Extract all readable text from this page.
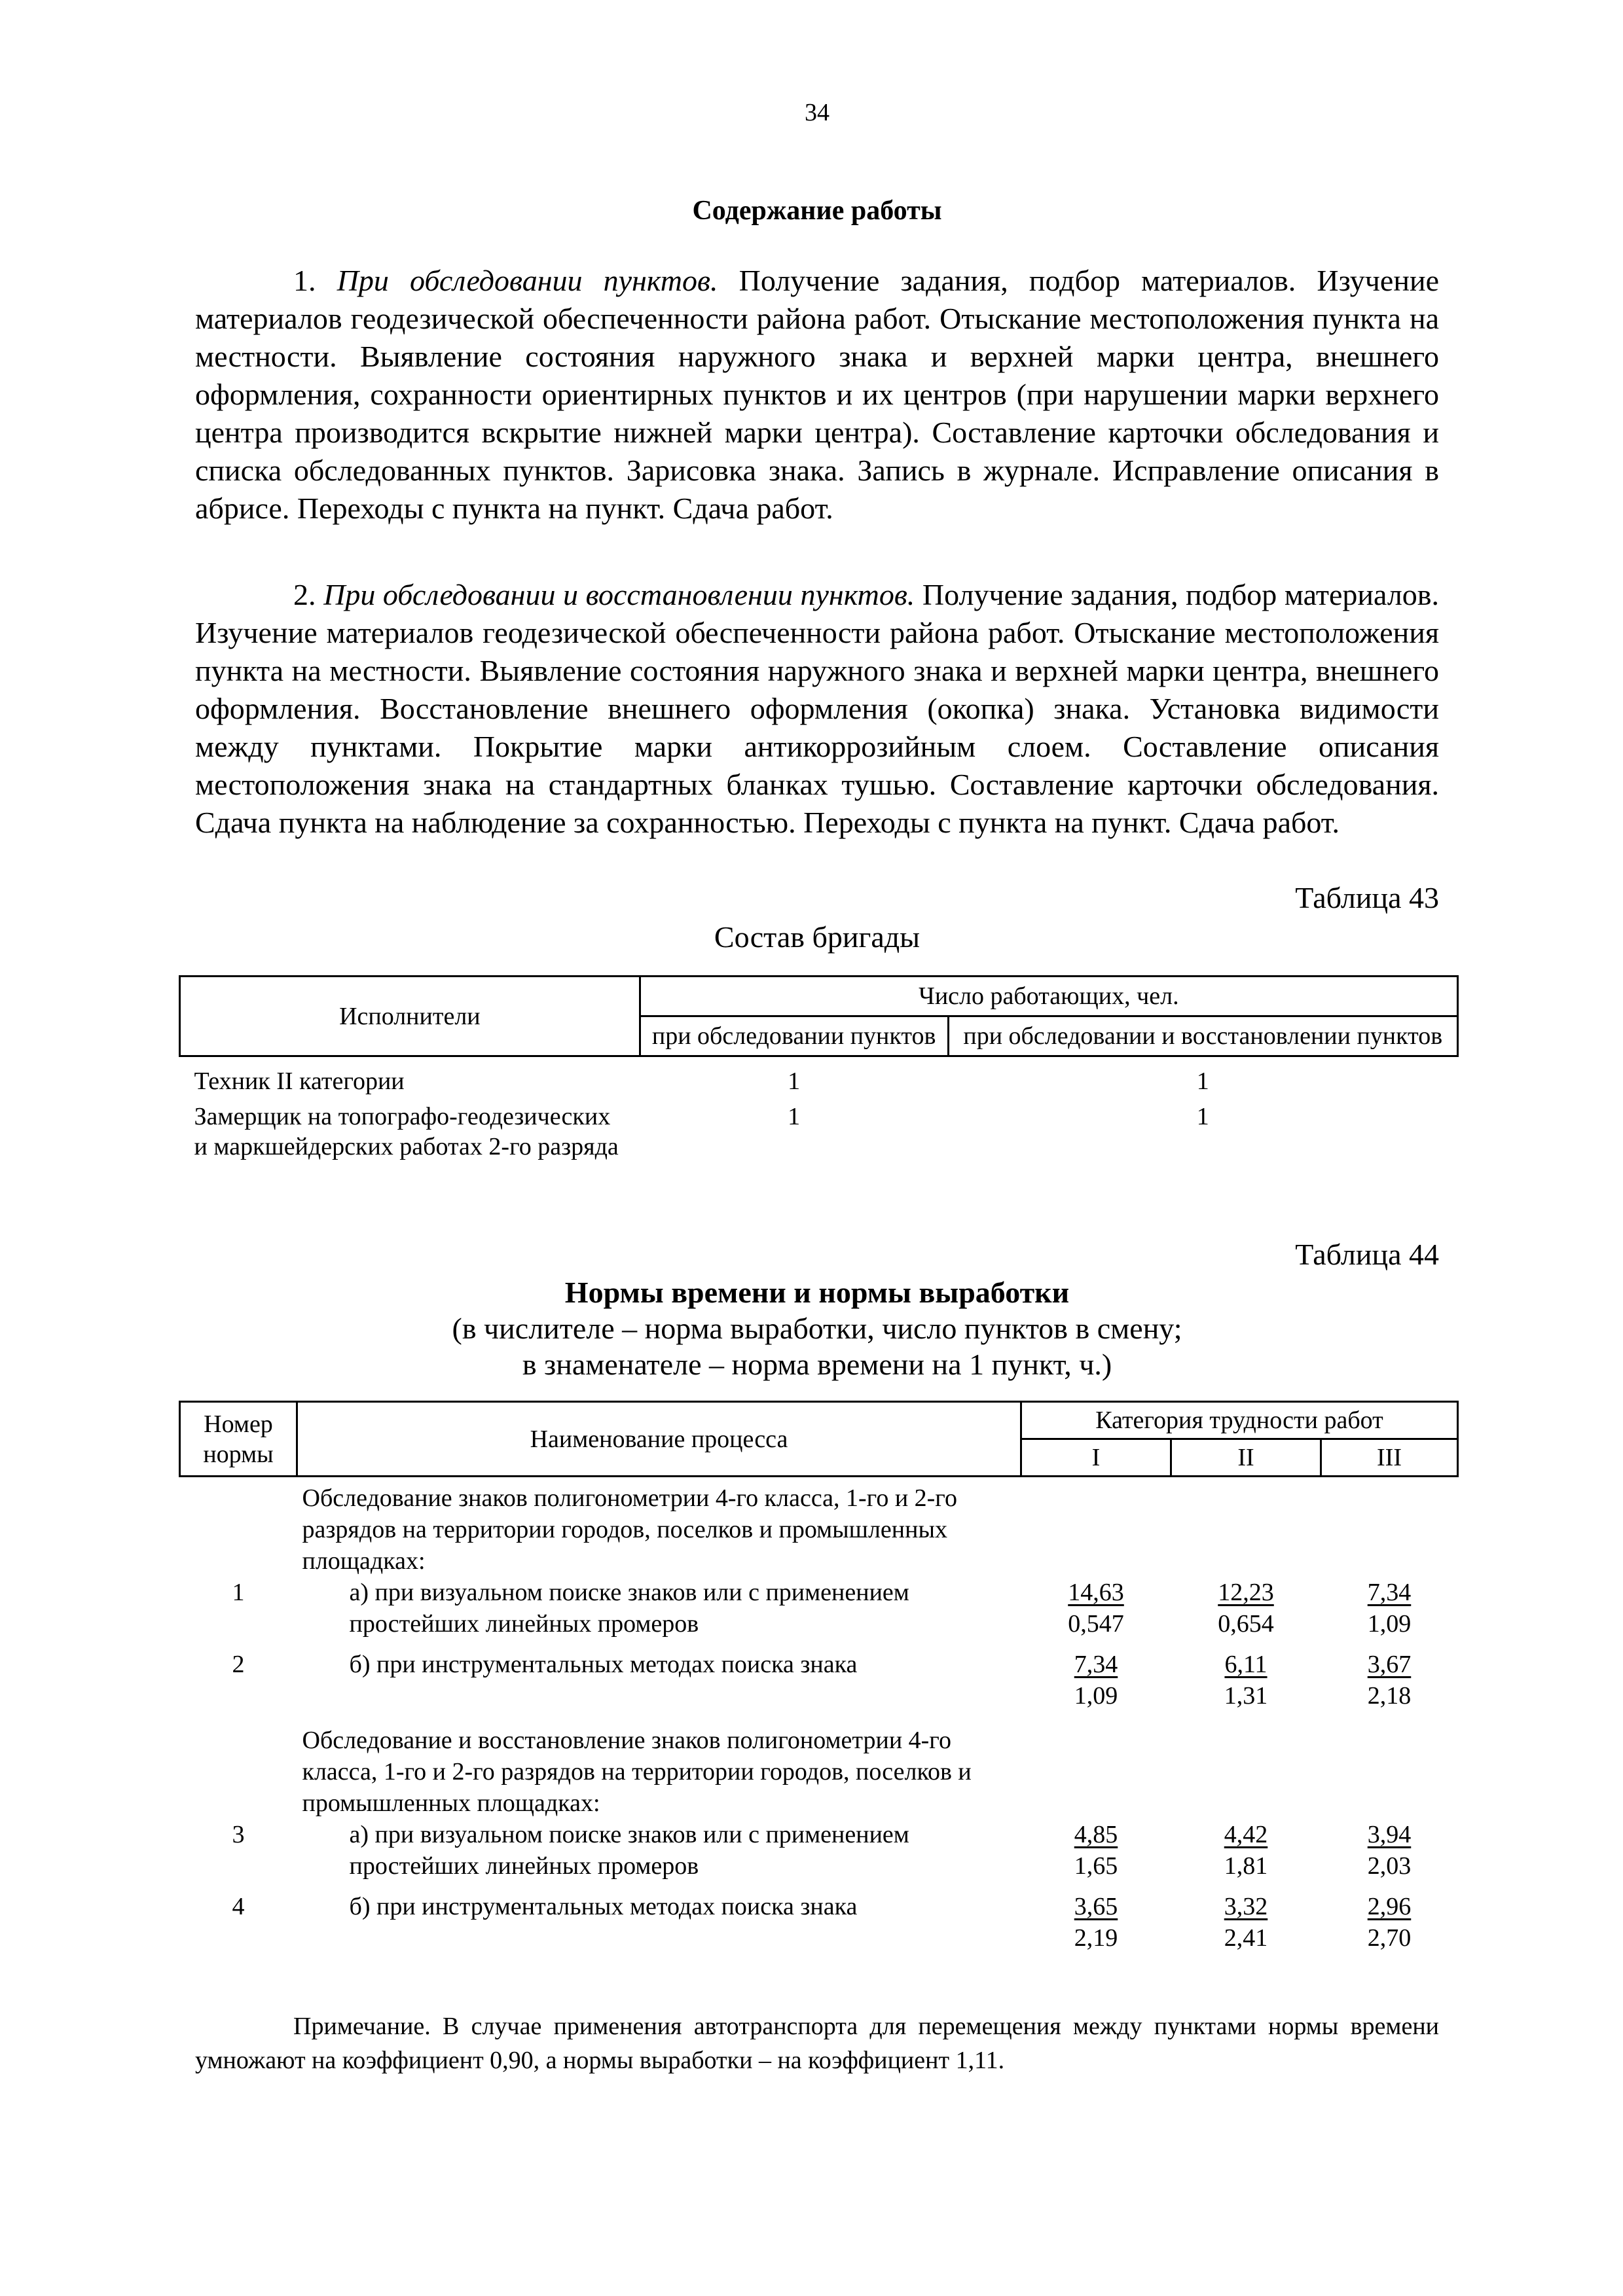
34
Содержание работы

1. При обследовании пунктов. Получение задания, подбор материалов. Изучение материалов геодезической обеспеченности района работ. Отыскание местоположения пункта на местности. Выявление состояния наружного знака и верхней марки центра, внешнего оформления, сохранности ориентирных пунктов и их центров (при нарушении марки верхнего центра производится вскрытие нижней марки центра). Составление карточки обследования и списка обследованных пунктов. Зарисовка знака. Запись в журнале. Исправление описания в абрисе. Переходы с пункта на пункт. Сдача работ.

2. При обследовании и восстановлении пунктов. Получение задания, подбор материалов. Изучение материалов геодезической обеспеченности района работ. Отыскание местоположения пункта на местности. Выявление состояния наружного знака и верхней марки центра, внешнего оформления. Восстановление внешнего оформления (окопка) знака. Установка видимости между пунктами. Покрытие марки антикоррозийным слоем. Составление описания местоположения знака на стандартных бланках тушью. Составление карточки обследования. Сдача пункта на наблюдение за сохранностью. Переходы с пункта на пункт. Сдача работ.

Таблица 43
Состав бригады
Исполнители	Число работающих, чел.	
	при обследовании пунктов	при обследовании и восстановлении пунктов
Техник II категории	1	1
Замерщик на топографо-геодезических и маркшейдерских работах 2-го разряда	1	1
Таблица 44
Нормы времени и нормы выработки
(в числителе – норма выработки, число пунктов в смену;
в знаменателе – норма времени на 1 пункт, ч.)
Номер нормы	Наименование процесса	Категория трудности работ		
		I	II	III
	Обследование знаков полигонометрии 4-го класса, 1-го и 2-го разрядов на территории городов, поселков и промышленных площадках:			
1	а) при визуальном поиске знаков или с применением простейших линейных промеров	$\frac{14,63}{0,547}$	$\frac{12,23}{0,654}$	$\frac{7,34}{1,09}$

2	б) при инструментальных методах поиска знака	$\frac{7,34}{1,09}$	$\frac{6,11}{1,31}$	$\frac{3,67}{2,18}$

	Обследование и восстановление знаков полигонометрии 4-го класса, 1-го и 2-го разрядов на территории городов, поселков и промышленных площадках:			
3	а) при визуальном поиске знаков или с применением простейших линейных промеров	$\frac{4,85}{1,65}$	$\frac{4,42}{1,81}$	$\frac{3,94}{2,03}$

4	б) при инструментальных методах поиска знака	$\frac{3,65}{2,19}$	$\frac{3,32}{2,41}$	$\frac{2,96}{2,70}$

Примечание. В случае применения автотранспорта для перемещения между пунктами нормы времени умножают на коэффициент 0,90, а нормы выработки – на коэффициент 1,11.
